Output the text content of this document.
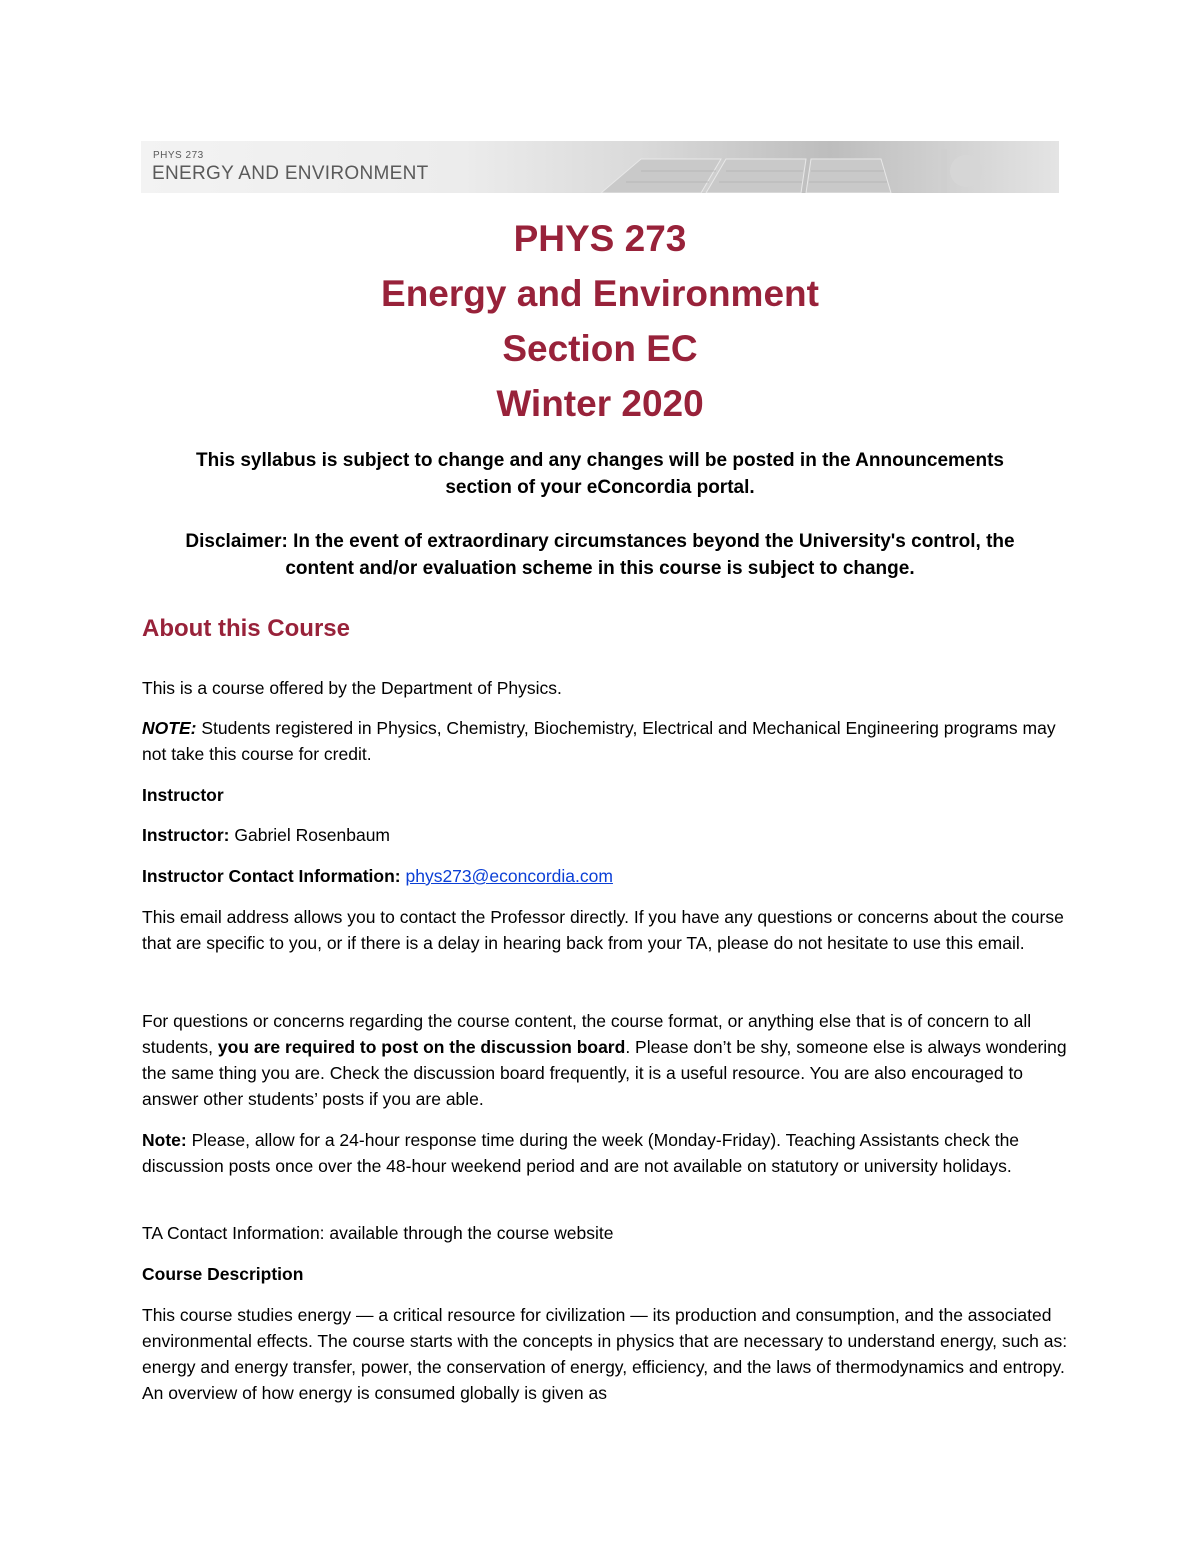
PHYS 273
ENERGY AND ENVIRONMENT
PHYS 273
Energy and Environment
Section EC
Winter 2020
This syllabus is subject to change and any changes will be posted in the Announcements
section of your eConcordia portal.
Disclaimer: In the event of extraordinary circumstances beyond the University's control, the
content and/or evaluation scheme in this course is subject to change.
About this Course
This is a course offered by the Department of Physics.
NOTE: Students registered in Physics, Chemistry, Biochemistry, Electrical and Mechanical Engineering programs may not take this course for credit.
Instructor
Instructor: Gabriel Rosenbaum
Instructor Contact Information: phys273@econcordia.com
This email address allows you to contact the Professor directly. If you have any questions or concerns about the course that are specific to you, or if there is a delay in hearing back from your TA, please do not hesitate to use this email.
For questions or concerns regarding the course content, the course format, or anything else that is of concern to all students, you are required to post on the discussion board. Please don’t be shy, someone else is always wondering the same thing you are. Check the discussion board frequently, it is a useful resource. You are also encouraged to answer other students’ posts if you are able.
Note: Please, allow for a 24-hour response time during the week (Monday-Friday). Teaching Assistants check the discussion posts once over the 48-hour weekend period and are not available on statutory or university holidays.
TA Contact Information: available through the course website
Course Description
This course studies energy — a critical resource for civilization — its production and consumption, and the associated environmental effects. The course starts with the concepts in physics that are necessary to understand energy, such as: energy and energy transfer, power, the conservation of energy, efficiency, and the laws of thermodynamics and entropy. An overview of how energy is consumed globally is given as
